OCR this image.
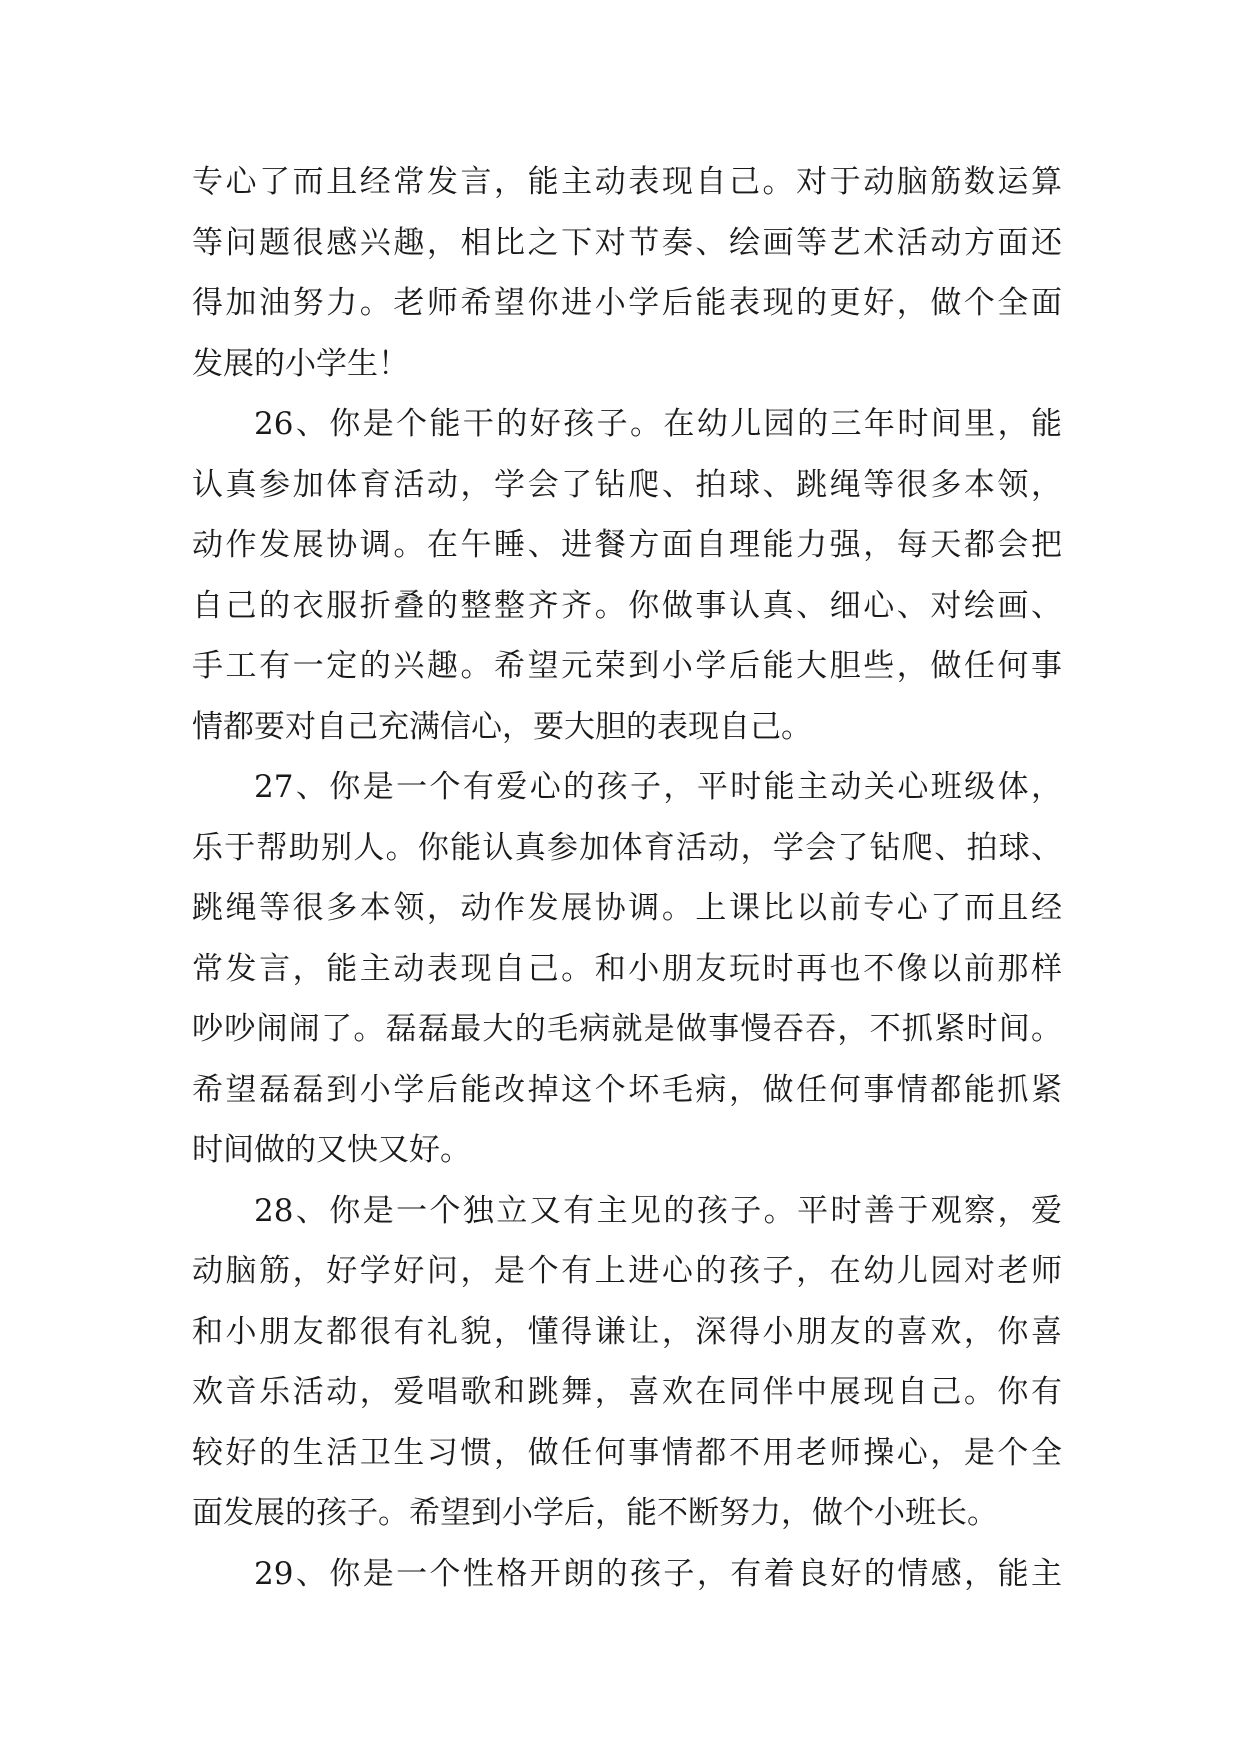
专心了而且经常发言，能主动表现自己。对于动脑筋数运算
等问题很感兴趣，相比之下对节奏、绘画等艺术活动方面还
得加油努力。老师希望你进小学后能表现的更好，做个全面
发展的小学生！
26、你是个能干的好孩子。在幼儿园的三年时间里，能
认真参加体育活动，学会了钻爬、拍球、跳绳等很多本领，
动作发展协调。在午睡、进餐方面自理能力强，每天都会把
自己的衣服折叠的整整齐齐。你做事认真、细心、对绘画、
手工有一定的兴趣。希望元荣到小学后能大胆些，做任何事
情都要对自己充满信心，要大胆的表现自己。
27、你是一个有爱心的孩子，平时能主动关心班级体，
乐于帮助别人。你能认真参加体育活动，学会了钻爬、拍球、
跳绳等很多本领，动作发展协调。上课比以前专心了而且经
常发言，能主动表现自己。和小朋友玩时再也不像以前那样
吵吵闹闹了。磊磊最大的毛病就是做事慢吞吞，不抓紧时间。
希望磊磊到小学后能改掉这个坏毛病，做任何事情都能抓紧
时间做的又快又好。
28、你是一个独立又有主见的孩子。平时善于观察，爱
动脑筋，好学好问，是个有上进心的孩子，在幼儿园对老师
和小朋友都很有礼貌，懂得谦让，深得小朋友的喜欢，你喜
欢音乐活动，爱唱歌和跳舞，喜欢在同伴中展现自己。你有
较好的生活卫生习惯，做任何事情都不用老师操心，是个全
面发展的孩子。希望到小学后，能不断努力，做个小班长。
29、你是一个性格开朗的孩子，有着良好的情感，能主
